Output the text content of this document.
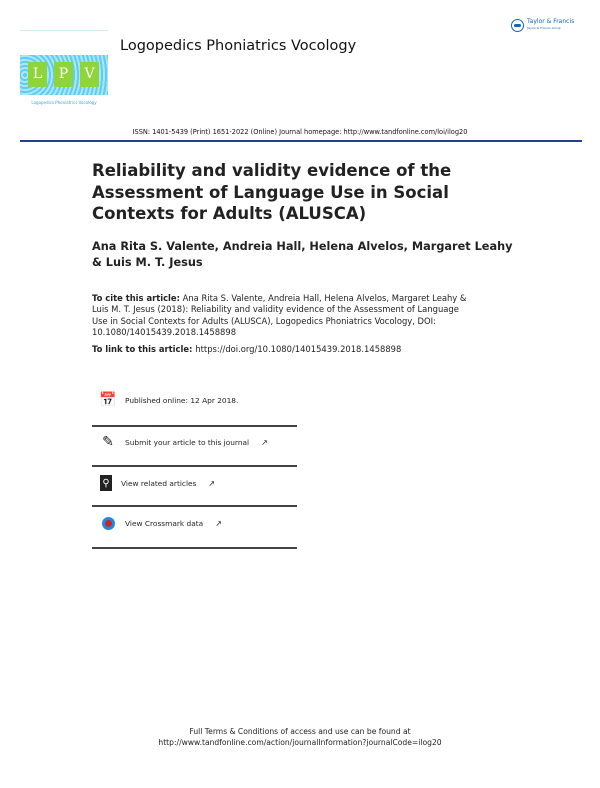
L	P	V
Logopedics Phoniatrics Vocology
Taylor & Francis
Taylor & Francis Group
Logopedics Phoniatrics Vocology
ISSN: 1401-5439 (Print) 1651-2022 (Online) Journal homepage: http://www.tandfonline.com/loi/ilog20
Reliability and validity evidence of the Assessment of Language Use in Social Contexts for Adults (ALUSCA)
Ana Rita S. Valente, Andreia Hall, Helena Alvelos, Margaret Leahy & Luis M. T. Jesus
To cite this article: Ana Rita S. Valente, Andreia Hall, Helena Alvelos, Margaret Leahy & Luis M. T. Jesus (2018): Reliability and validity evidence of the Assessment of Language Use in Social Contexts for Adults (ALUSCA), Logopedics Phoniatrics Vocology, DOI: 10.1080/14015439.2018.1458898
To link to this article: https://doi.org/10.1080/14015439.2018.1458898
📅 Published online: 12 Apr 2018.
✎ Submit your article to this journal ↗
⚲	View related articles ↗
View Crossmark data ↗
Full Terms & Conditions of access and use can be found at
http://www.tandfonline.com/action/journalInformation?journalCode=ilog20
